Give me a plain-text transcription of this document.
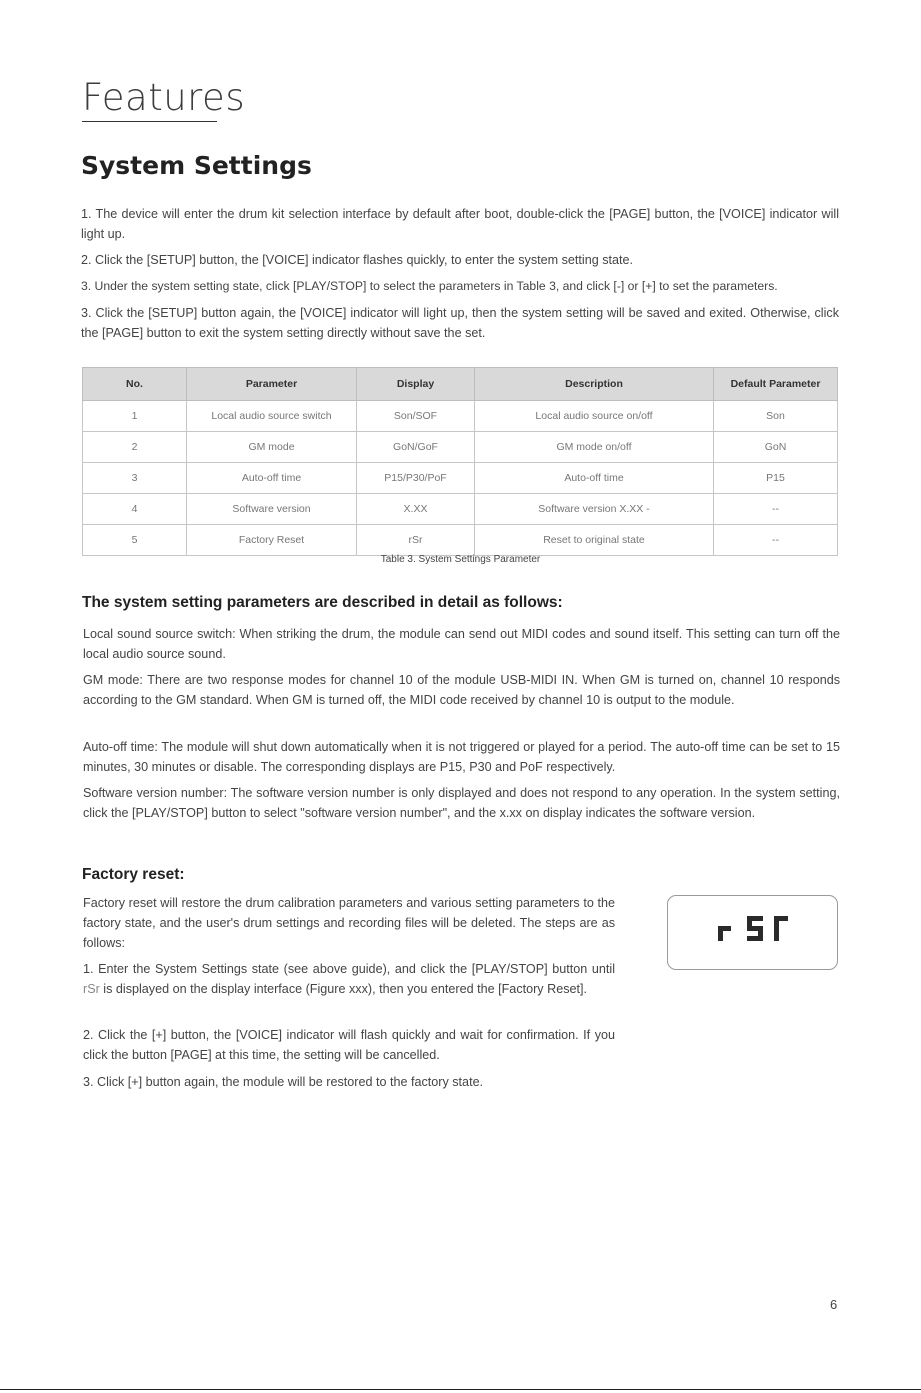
Features
System Settings
1. The device will enter the drum kit selection interface by default after boot, double-click the [PAGE] button, the [VOICE] indicator will light up.
2. Click the [SETUP] button, the [VOICE] indicator flashes quickly, to enter the system setting state.
3. Under the system setting state, click [PLAY/STOP] to select the parameters in Table 3, and click [-] or [+] to set the parameters.
3. Click the [SETUP] button again, the [VOICE] indicator will light up, then the system setting will be saved and exited. Otherwise, click the [PAGE] button to exit the system setting directly without save the set.
No.	Parameter	Display	Description	Default Parameter
1	Local audio source switch	Son/SOF	Local audio source on/off	Son
2	GM mode	GoN/GoF	GM mode on/off	GoN
3	Auto-off time	P15/P30/PoF	Auto-off time	P15
4	Software version	X.XX	Software version X.XX -	--
5	Factory Reset	rSr	Reset to original state	--
Table 3. System Settings Parameter
The system setting parameters are described in detail as follows:
Local sound source switch: When striking the drum, the module can send out MIDI codes and sound itself. This setting can turn off the local audio source sound.
GM mode: There are two response modes for channel 10 of the module USB-MIDI IN. When GM is turned on, channel 10 responds according to the GM standard. When GM is turned off, the MIDI code received by channel 10 is output to the module.
Auto-off time: The module will shut down automatically when it is not triggered or played for a period. The auto-off time can be set to 15 minutes, 30 minutes or disable. The corresponding displays are P15, P30 and PoF respectively.
Software version number: The software version number is only displayed and does not respond to any operation. In the system setting, click the [PLAY/STOP] button to select "software version number", and the x.xx on display indicates the software version.
Factory reset:
Factory reset will restore the drum calibration parameters and various setting parameters to the factory state, and the user's drum settings and recording files will be deleted. The steps are as follows:
1. Enter the System Settings state (see above guide), and click the [PLAY/STOP] button until rSr is displayed on the display interface (Figure xxx), then you entered the [Factory Reset].
2. Click the [+] button, the [VOICE] indicator will flash quickly and wait for confirmation. If you click the button [PAGE] at this time, the setting will be cancelled.
3. Click [+] button again, the module will be restored to the factory state.
6
